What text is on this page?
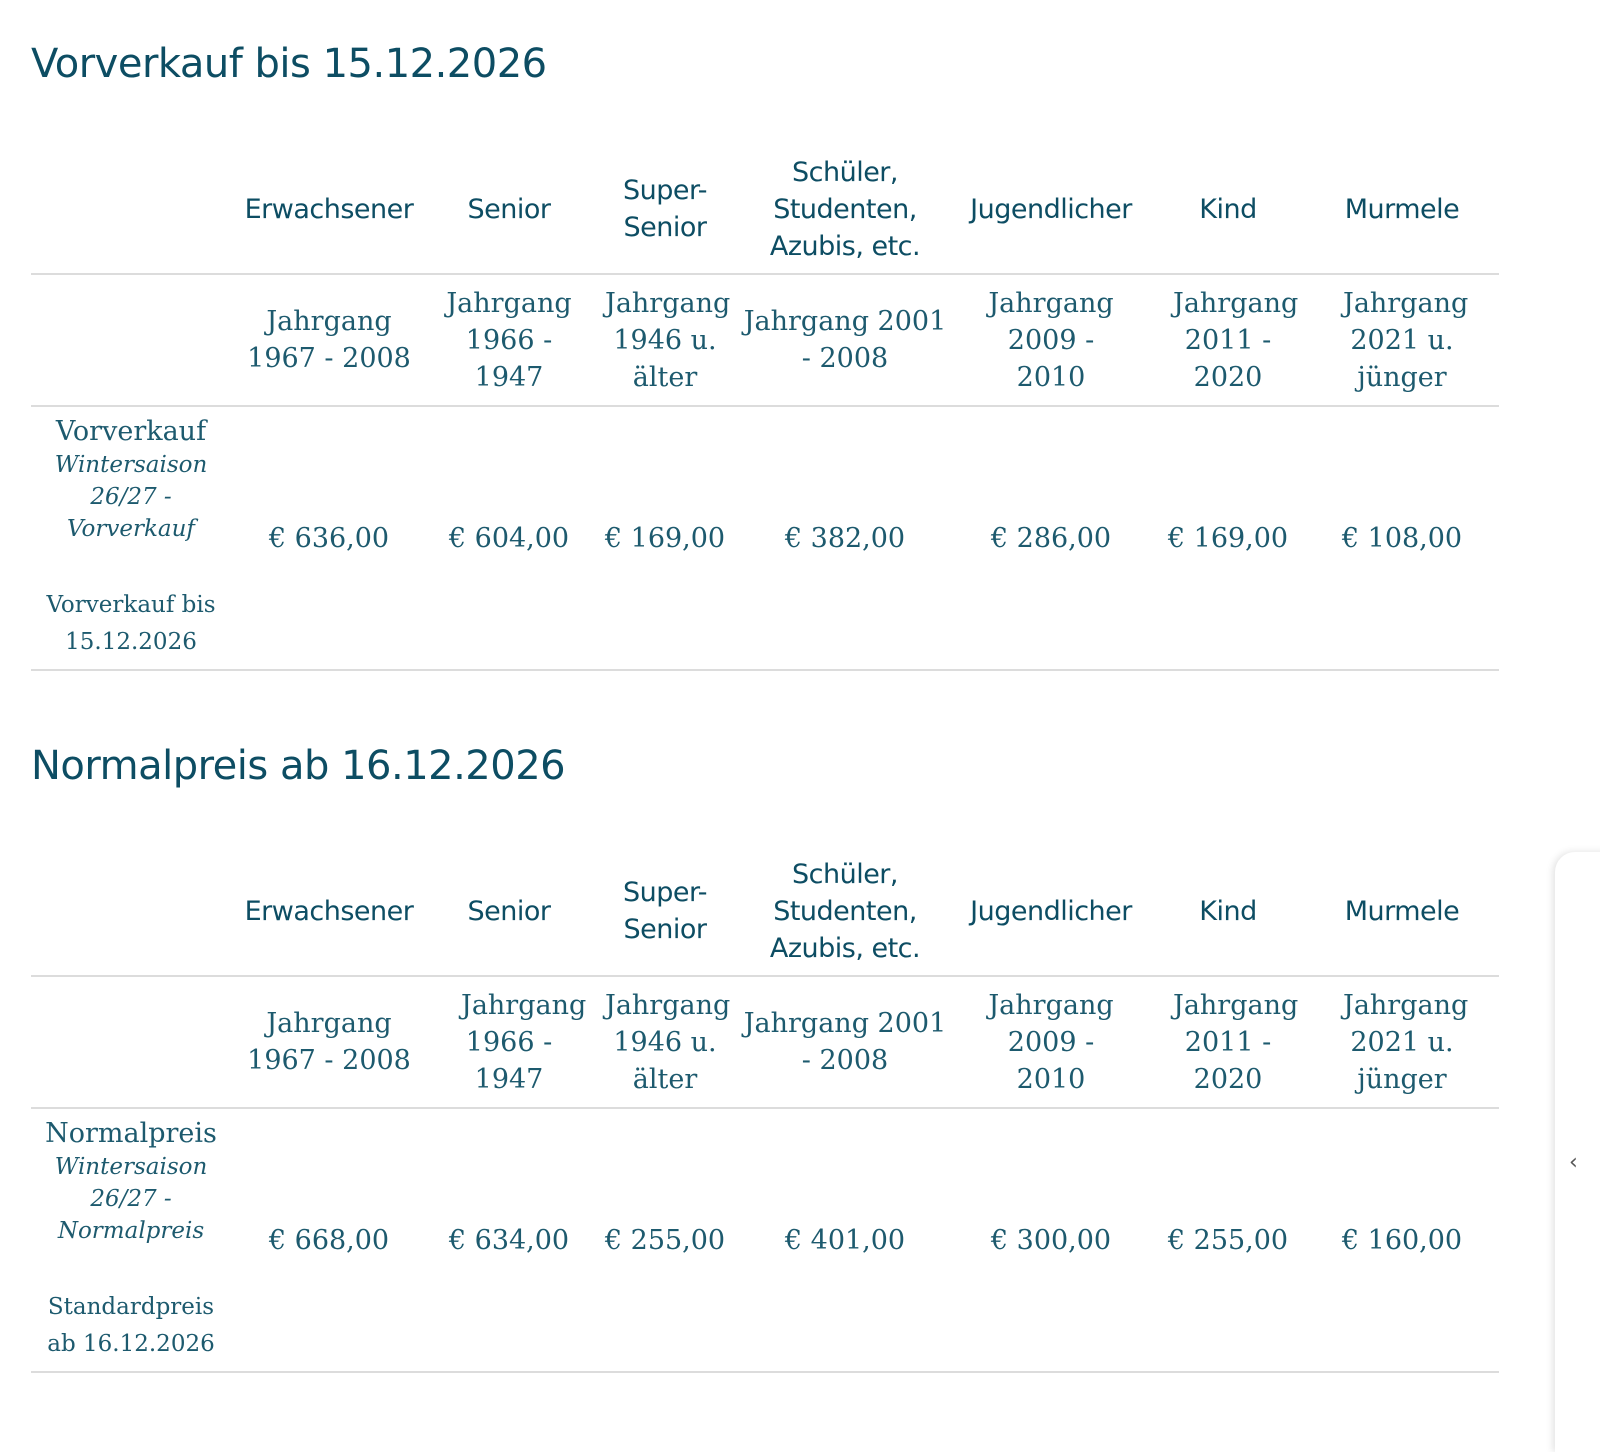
Vorverkauf bis 15.12.2026
	Erwachsener	Senior	Super-Senior	Schüler, Studenten, Azubis, etc.	Jugendlicher	Kind	Murmele
	Jahrgang 1967 - 2008	Jahrgang 1966 - 1947	Jahrgang 1946 u. älter	Jahrgang 2001 - 2008	Jahrgang 2009 - 2010	Jahrgang 2011 - 2020	Jahrgang 2021 u. jünger

Vorverkauf
Wintersaison 26/27 - Vorverkauf
Vorverkauf bis 15.12.2026	€ 636,00	€ 604,00	€ 169,00	€ 382,00	€ 286,00	€ 169,00	€ 108,00
Normalpreis ab 16.12.2026
	Erwachsener	Senior	Super-Senior	Schüler, Studenten, Azubis, etc.	Jugendlicher	Kind	Murmele
	Jahrgang 1967 - 2008	Jahrgang 1966 - 1947	Jahrgang 1946 u. älter	Jahrgang 2001 - 2008	Jahrgang 2009 - 2010	Jahrgang 2011 - 2020	Jahrgang 2021 u. jünger

Normalpreis
Wintersaison 26/27 - Normalpreis
Standardpreis ab 16.12.2026	€ 668,00	€ 634,00	€ 255,00	€ 401,00	€ 300,00	€ 255,00	€ 160,00
‹
